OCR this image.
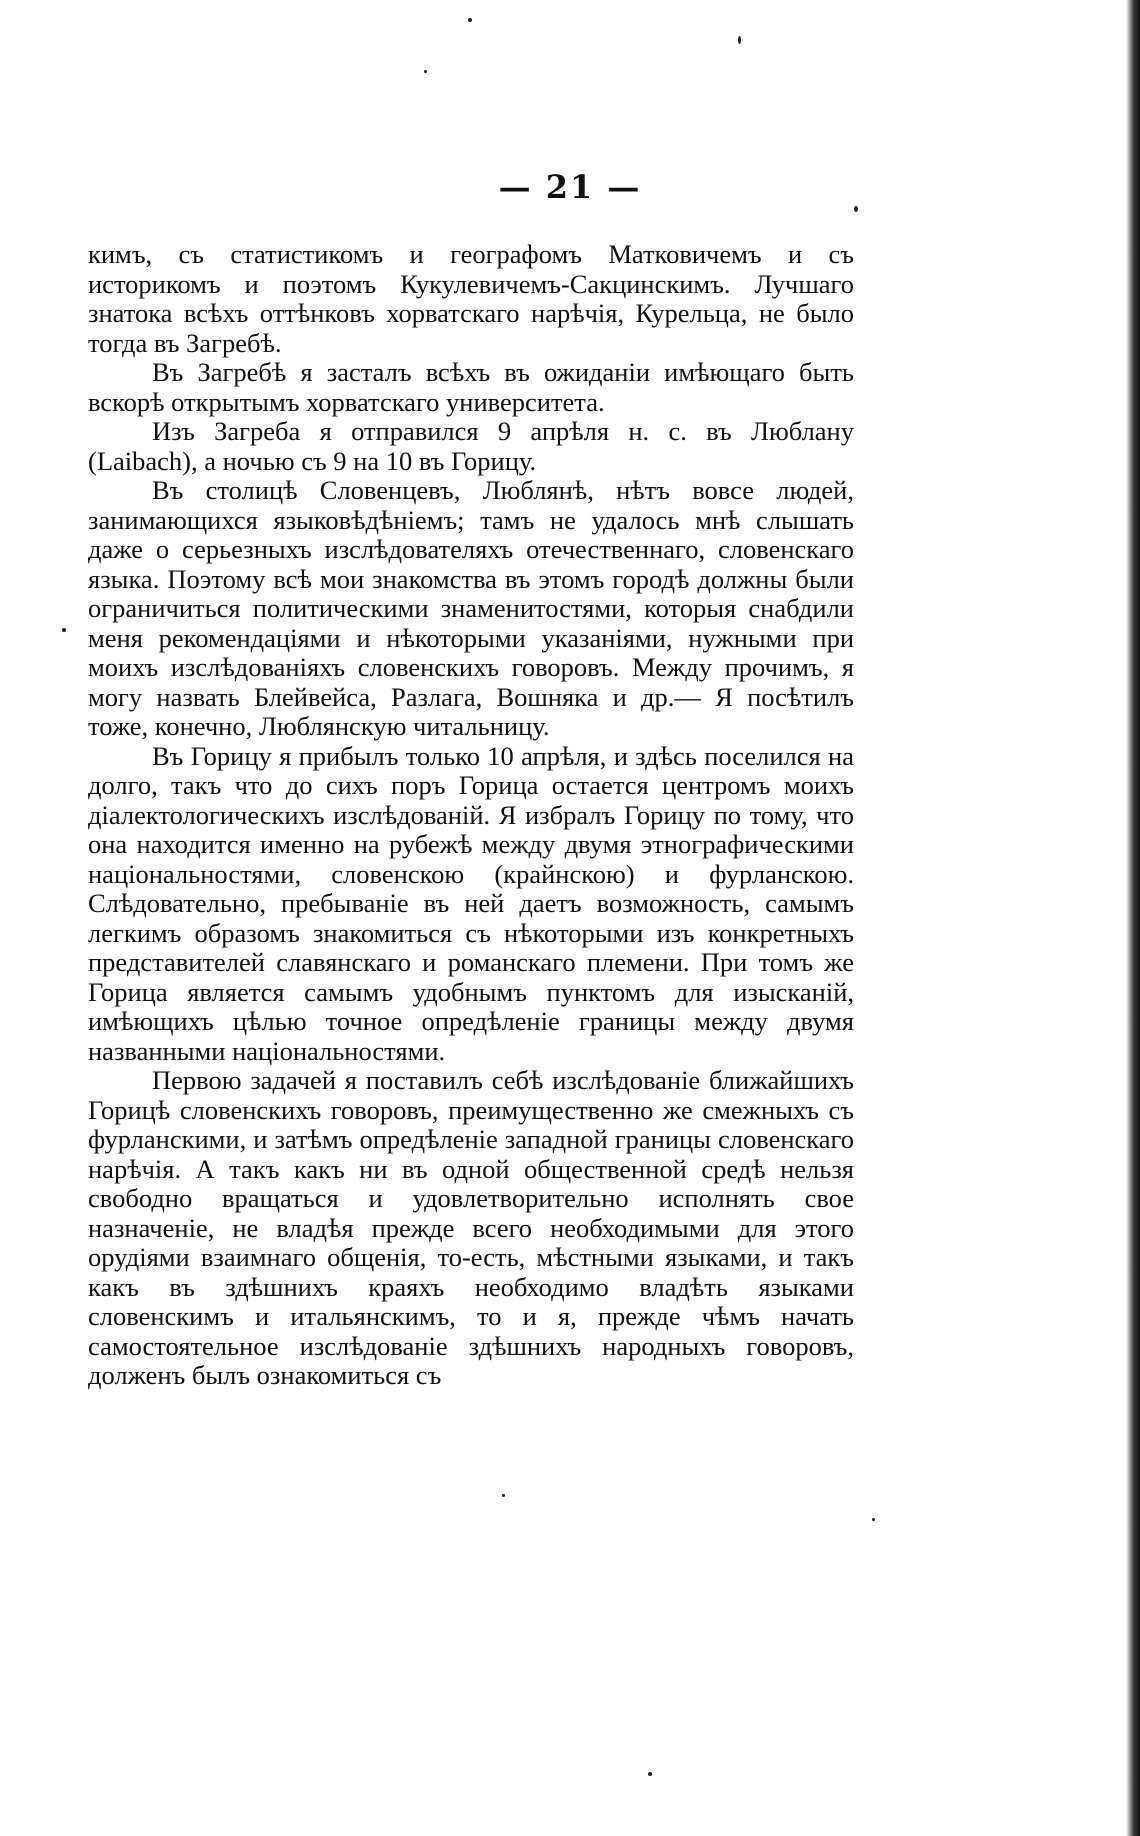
— 21 —

кимъ, съ статистикомъ и географомъ Матковичемъ и съ историкомъ и поэтомъ Кукулевичемъ-Сакцинскимъ. Лучшаго знатока всѣхъ оттѣнковъ хорватскаго нарѣчія, Курельца, не было тогда въ Загребѣ.

Въ Загребѣ я засталъ всѣхъ въ ожиданіи имѣющаго быть вскорѣ открытымъ хорватскаго университета.

Изъ Загреба я отправился 9 апрѣля н. с. въ Люблану (Laibach), а ночью съ 9 на 10 въ Горицу.

Въ столицѣ Словенцевъ, Люблянѣ, нѣтъ вовсе людей, занимающихся языковѣдѣніемъ; тамъ не удалось мнѣ слышать даже о серьезныхъ изслѣдователяхъ отечественнаго, словенскаго языка. Поэтому всѣ мои знакомства въ этомъ городѣ должны были ограничиться политическими знаменитостями, которыя снабдили меня рекомендаціями и нѣкоторыми указаніями, нужными при моихъ изслѣдованіяхъ словенскихъ говоровъ. Между прочимъ, я могу назвать Блейвейса, Разлага, Вошняка и др.— Я посѣтилъ тоже, конечно, Люблянскую читальницу.

Въ Горицу я прибылъ только 10 апрѣля, и здѣсь поселился на долго, такъ что до сихъ поръ Горица остается центромъ моихъ діалектологическихъ изслѣдованій. Я избралъ Горицу по тому, что она находится именно на рубежѣ между двумя этнографическими національностями, словенскою (крайнскою) и фурланскою. Слѣдовательно, пребываніе въ ней даетъ возможность, самымъ легкимъ образомъ знакомиться съ нѣкоторыми изъ конкретныхъ представителей славянскаго и романскаго племени. При томъ же Горица является самымъ удобнымъ пунктомъ для изысканій, имѣющихъ цѣлью точное опредѣленіе границы между двумя названными національностями.

Первою задачей я поставилъ себѣ изслѣдованіе ближайшихъ Горицѣ словенскихъ говоровъ, преимущественно же смежныхъ съ фурланскими, и затѣмъ опредѣленіе западной границы словенскаго нарѣчія. А такъ какъ ни въ одной общественной средѣ нельзя свободно вращаться и удовлетворительно исполнять свое назначеніе, не владѣя прежде всего необходимыми для этого орудіями взаимнаго общенія, то-есть, мѣстными языками, и такъ какъ въ здѣшнихъ краяхъ необходимо владѣть языками словенскимъ и итальянскимъ, то и я, прежде чѣмъ начать самостоятельное изслѣдованіе здѣшнихъ народныхъ говоровъ, долженъ былъ ознакомиться съ
